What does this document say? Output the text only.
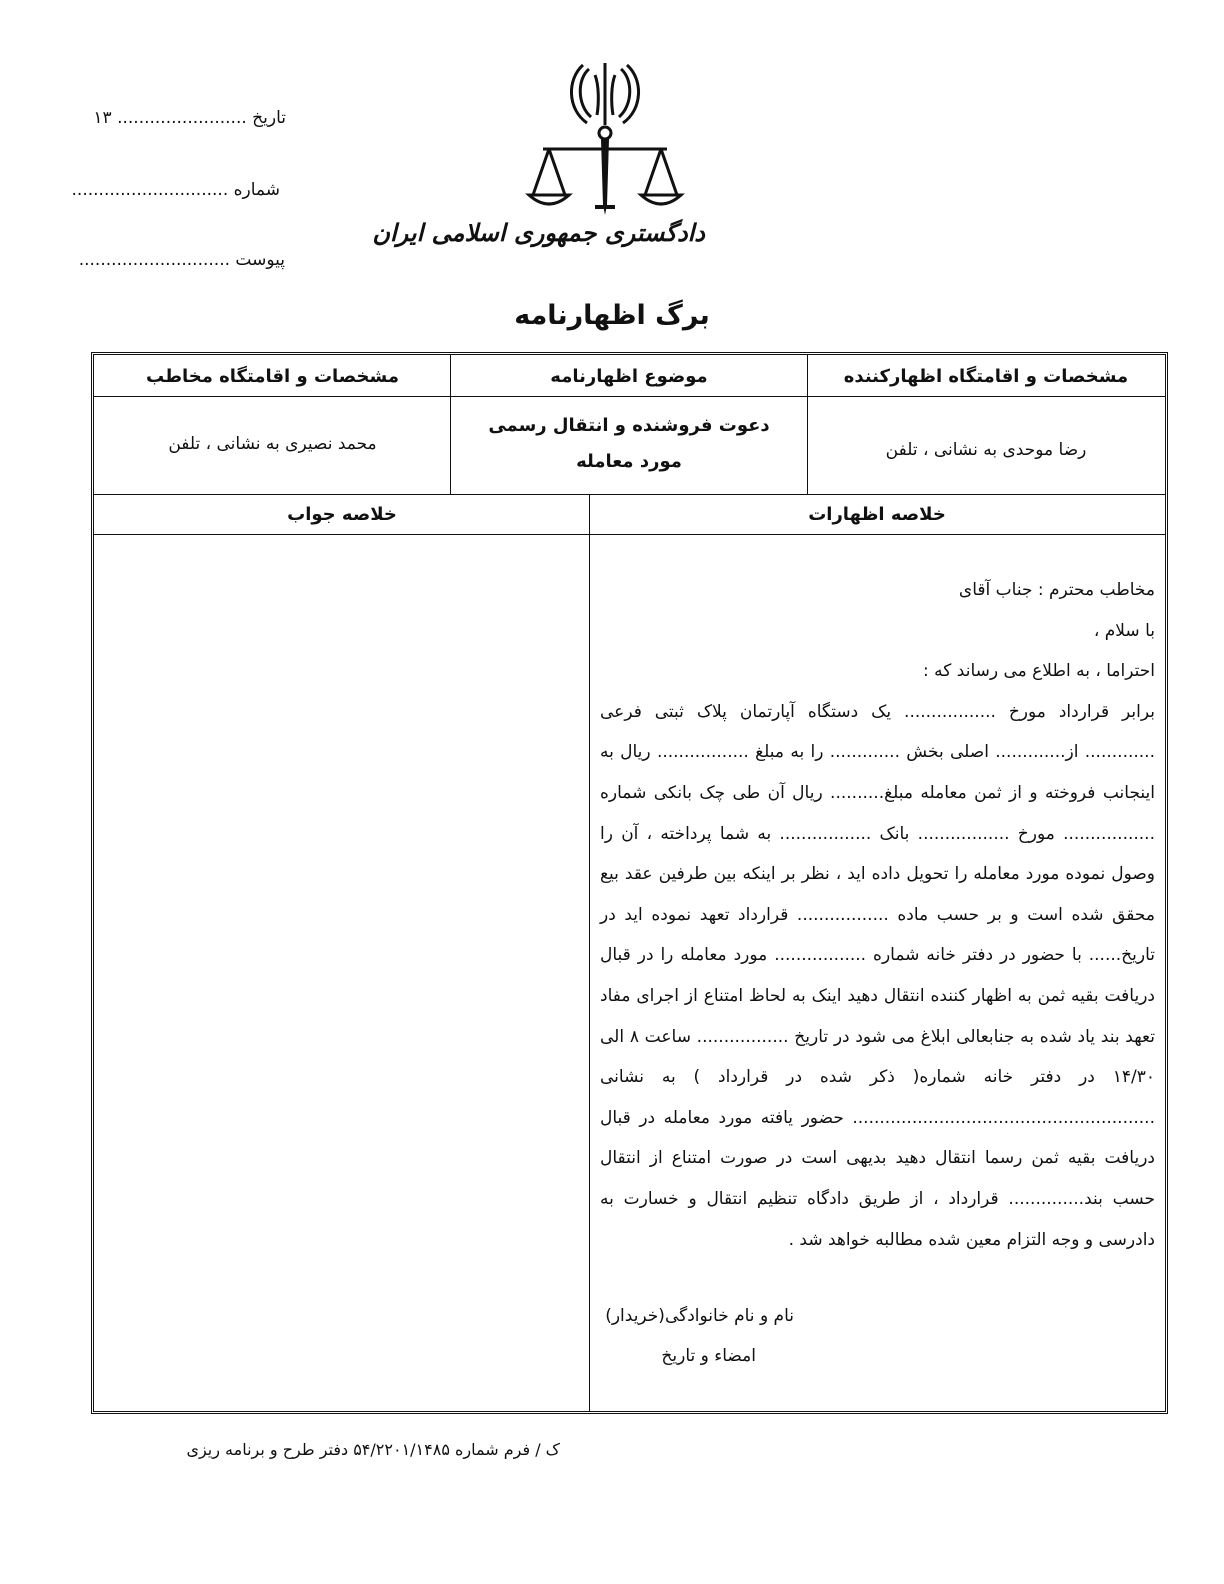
تاریخ ........................ ۱۳
شماره .............................
پیوست ............................
دادگستری جمهوری اسلامی ایران
برگ اظهارنامه
مشخصات و اقامتگاه اظهارکننده
موضوع اظهارنامه
مشخصات و اقامتگاه مخاطب
رضا موحدی به نشانی ، تلفن
دعوت فروشنده و انتقال رسمی مورد معامله
محمد نصیری به نشانی ، تلفن
خلاصه اظهارات
خلاصه جواب

مخاطب محترم : جناب آقای

با سلام ،

احتراما ، به اطلاع می رساند که :

برابر قرارداد مورخ ................. یک دستگاه آپارتمان پلاک ثبتی فرعی ............. از............. اصلی بخش ............. را به مبلغ ................. ریال به اینجانب فروخته و از ثمن معامله مبلغ.......... ریال آن طی چک بانکی شماره ................. مورخ ................. بانک ................. به شما پرداخته ، آن را وصول نموده مورد معامله را تحویل داده اید ، نظر بر اینکه بین طرفین عقد بیع محقق شده است و بر حسب ماده ................. قرارداد تعهد نموده اید در تاریخ...... با حضور در دفتر خانه شماره ................. مورد معامله را در قبال دریافت بقیه ثمن به اظهار کننده انتقال دهید اینک به لحاظ امتناع از اجرای مفاد تعهد بند یاد شده به جنابعالی ابلاغ می شود در تاریخ ................. ساعت ۸ الی ۱۴/۳۰ در دفتر خانه شماره( ذکر شده در قرارداد ) به نشانی ........................................................ حضور یافته مورد معامله در قبال دریافت بقیه ثمن رسما انتقال دهید بدیهی است در صورت امتناع از انتقال حسب بند.............. قرارداد ، از طریق دادگاه تنظیم انتقال و خسارت به دادرسی و وجه التزام معین شده مطالبه خواهد شد .

نام و نام خانوادگی(خریدار)
امضاء و تاریخ
ک / فرم شماره ۵۴/۲۲۰۱/۱۴۸۵ دفتر طرح و برنامه ریزی
